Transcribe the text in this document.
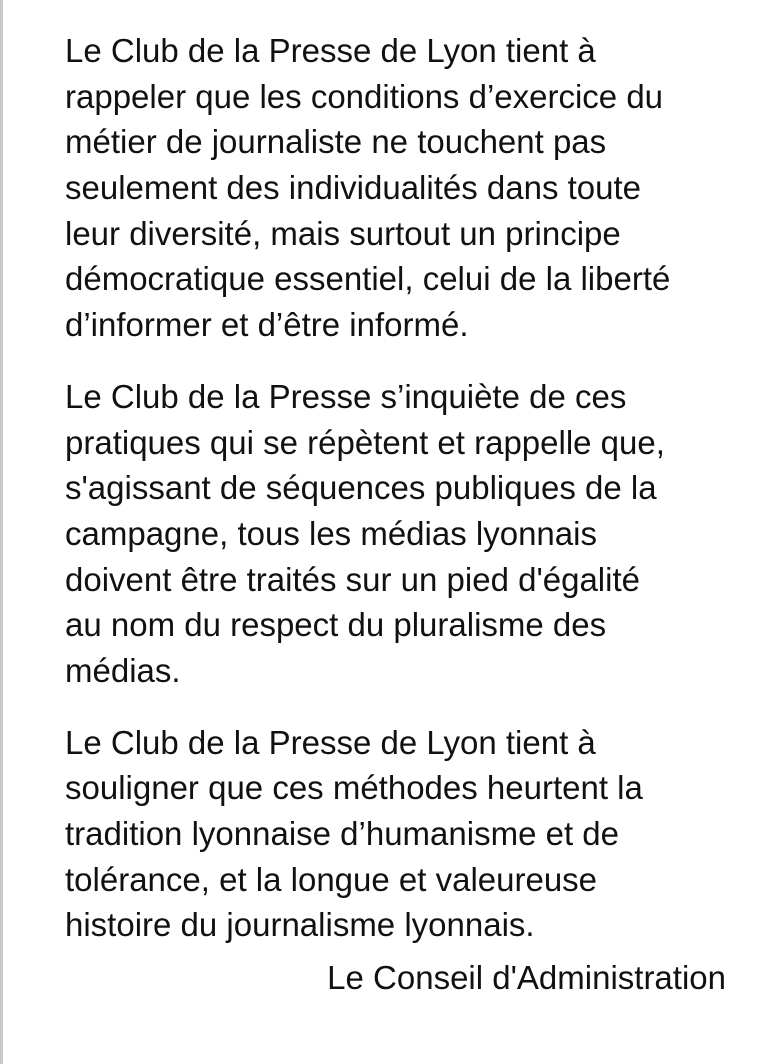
Le Club de la Presse de Lyon tient à
rappeler que les conditions d’exercice du
métier de journaliste ne touchent pas
seulement des individualités dans toute
leur diversité, mais surtout un principe
démocratique essentiel, celui de la liberté
d’informer et d’être informé.

Le Club de la Presse s’inquiète de ces
pratiques qui se répètent et rappelle que,
s'agissant de séquences publiques de la
campagne, tous les médias lyonnais
doivent être traités sur un pied d'égalité
au nom du respect du pluralisme des
médias.

Le Club de la Presse de Lyon tient à
souligner que ces méthodes heurtent la
tradition lyonnaise d’humanisme et de
tolérance, et la longue et valeureuse
histoire du journalisme lyonnais.

Le Conseil d'Administration
